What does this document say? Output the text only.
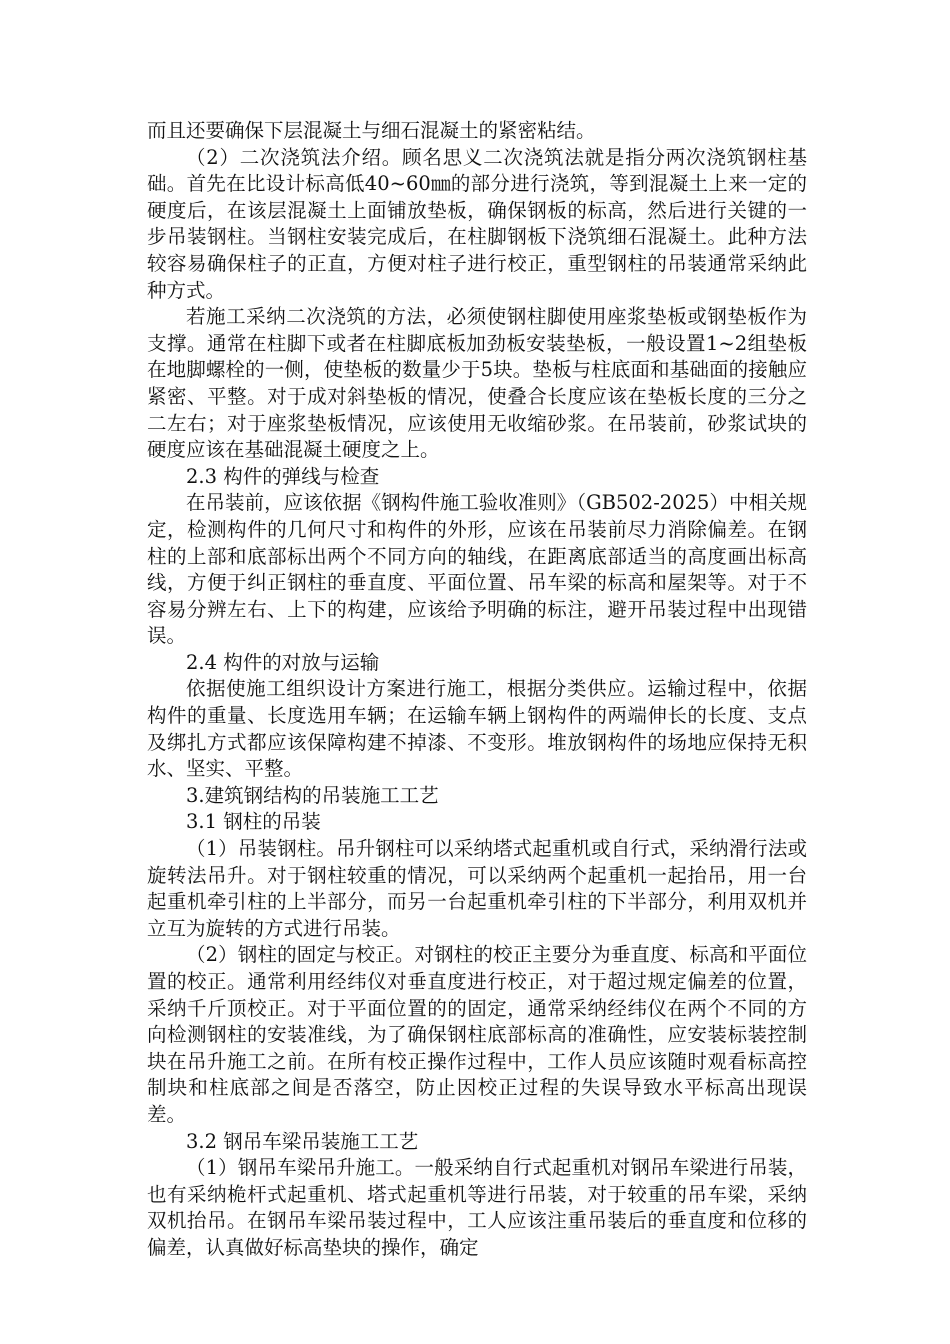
而且还要确保下层混凝土与细石混凝土的紧密粘结。

（2）二次浇筑法介绍。顾名思义二次浇筑法就是指分两次浇筑钢柱基础。首先在比设计标高低40~60㎜的部分进行浇筑，等到混凝土上来一定的硬度后，在该层混凝土上面铺放垫板，确保钢板的标高，然后进行关键的一步吊装钢柱。当钢柱安装完成后，在柱脚钢板下浇筑细石混凝土。此种方法较容易确保柱子的正直，方便对柱子进行校正，重型钢柱的吊装通常采纳此种方式。

若施工采纳二次浇筑的方法，必须使钢柱脚使用座浆垫板或钢垫板作为支撑。通常在柱脚下或者在柱脚底板加劲板安装垫板，一般设置1~2组垫板在地脚螺栓的一侧，使垫板的数量少于5块。垫板与柱底面和基础面的接触应紧密、平整。对于成对斜垫板的情况，使叠合长度应该在垫板长度的三分之二左右；对于座浆垫板情况，应该使用无收缩砂浆。在吊装前，砂浆试块的硬度应该在基础混凝土硬度之上。

2.3 构件的弹线与检查

在吊装前，应该依据《钢构件施工验收准则》（GB502-2025）中相关规定，检测构件的几何尺寸和构件的外形，应该在吊装前尽力消除偏差。在钢柱的上部和底部标出两个不同方向的轴线，在距离底部适当的高度画出标高线，方便于纠正钢柱的垂直度、平面位置、吊车梁的标高和屋架等。对于不容易分辨左右、上下的构建，应该给予明确的标注，避开吊装过程中出现错误。

2.4 构件的对放与运输

依据使施工组织设计方案进行施工，根据分类供应。运输过程中，依据构件的重量、长度选用车辆；在运输车辆上钢构件的两端伸长的长度、支点及绑扎方式都应该保障构建不掉漆、不变形。堆放钢构件的场地应保持无积水、坚实、平整。

3.建筑钢结构的吊装施工工艺

3.1 钢柱的吊装

（1）吊装钢柱。吊升钢柱可以采纳塔式起重机或自行式，采纳滑行法或旋转法吊升。对于钢柱较重的情况，可以采纳两个起重机一起抬吊，用一台起重机牵引柱的上半部分，而另一台起重机牵引柱的下半部分，利用双机并立互为旋转的方式进行吊装。

（2）钢柱的固定与校正。对钢柱的校正主要分为垂直度、标高和平面位置的校正。通常利用经纬仪对垂直度进行校正，对于超过规定偏差的位置，采纳千斤顶校正。对于平面位置的的固定，通常采纳经纬仪在两个不同的方向检测钢柱的安装准线，为了确保钢柱底部标高的准确性，应安装标装控制块在吊升施工之前。在所有校正操作过程中，工作人员应该随时观看标高控制块和柱底部之间是否落空，防止因校正过程的失误导致水平标高出现误差。

3.2 钢吊车梁吊装施工工艺

（1）钢吊车梁吊升施工。一般采纳自行式起重机对钢吊车梁进行吊装，也有采纳桅杆式起重机、塔式起重机等进行吊装，对于较重的吊车梁，采纳双机抬吊。在钢吊车梁吊装过程中，工人应该注重吊装后的垂直度和位移的偏差，认真做好标高垫块的操作，确定
